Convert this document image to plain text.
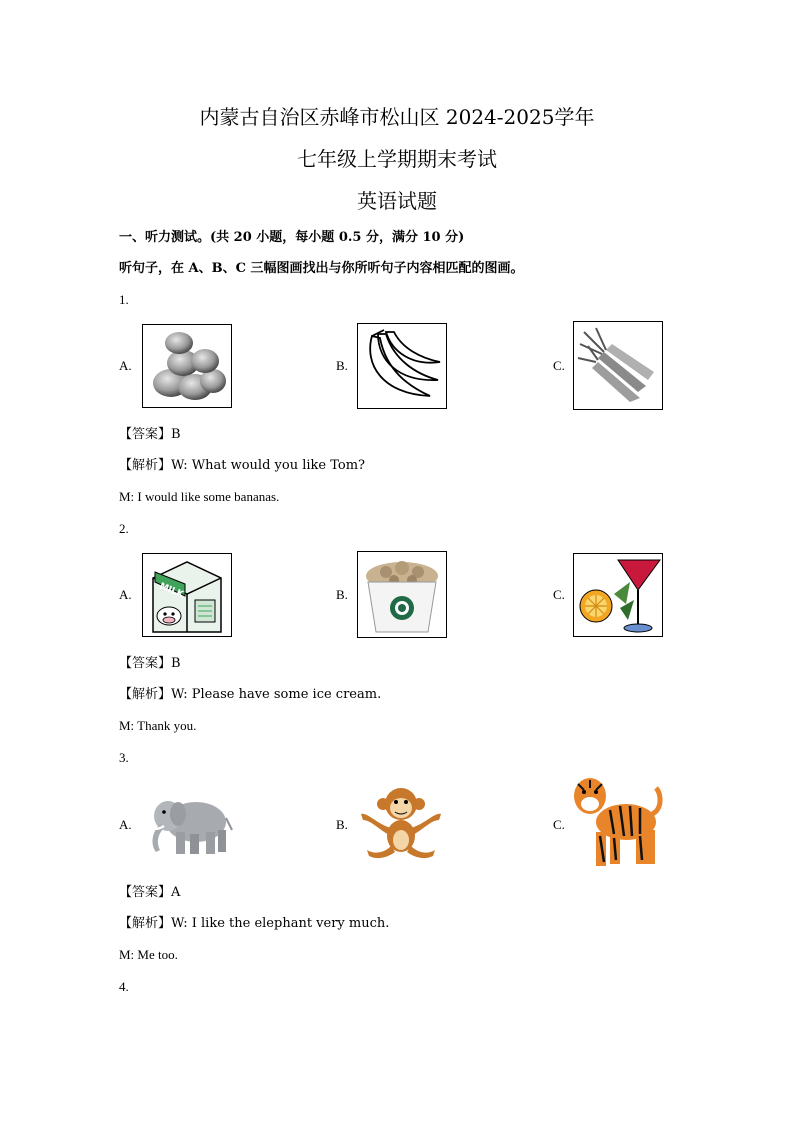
内蒙古自治区赤峰市松山区 2024-2025学年
七年级上学期期末考试
英语试题
一、听力测试。(共 20 小题，每小题 0.5 分，满分 10 分)
听句子，在 A、B、C 三幅图画找出与你所听句子内容相匹配的图画。
1.
A.	B.	C.
【答案】B
【解析】W: What would you like Tom?
M: I would like some bananas.
2.
A.	B.	C.
MILK
【答案】B
【解析】W: Please have some ice cream.
M: Thank you.
3.
A.	B.	C.
【答案】A
【解析】W: I like the elephant very much.
M: Me too.
4.
